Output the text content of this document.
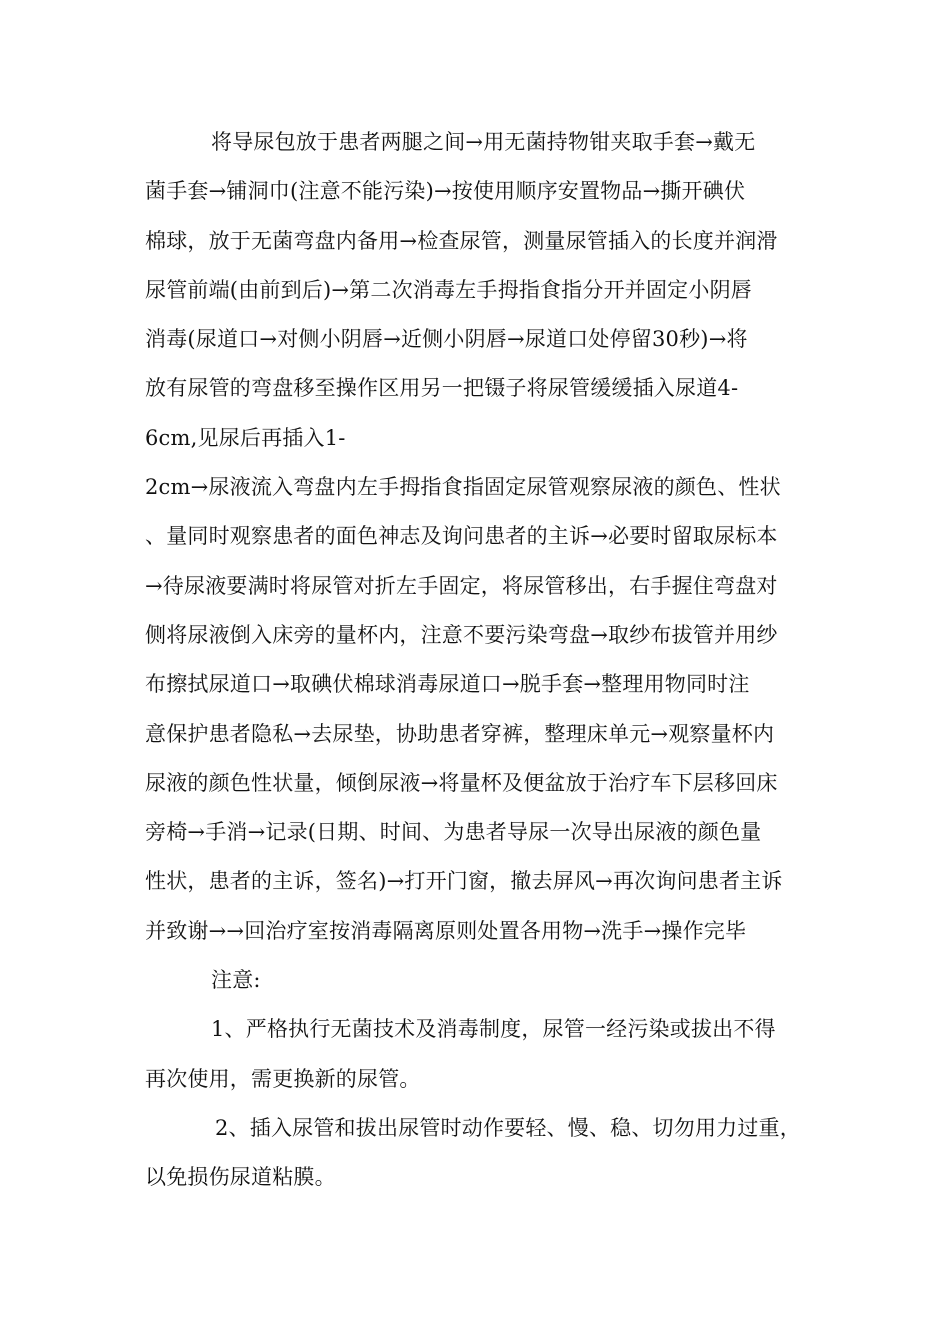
将导尿包放于患者两腿之间→用无菌持物钳夹取手套→戴无
菌手套→铺洞巾(注意不能污染)→按使用顺序安置物品→撕开碘伏
棉球，放于无菌弯盘内备用→检查尿管，测量尿管插入的长度并润滑
尿管前端(由前到后)→第二次消毒左手拇指食指分开并固定小阴唇
消毒(尿道口→对侧小阴唇→近侧小阴唇→尿道口处停留30秒)→将
放有尿管的弯盘移至操作区用另一把镊子将尿管缓缓插入尿道4-
6cm,见尿后再插入1-
2cm→尿液流入弯盘内左手拇指食指固定尿管观察尿液的颜色、性状
、量同时观察患者的面色神志及询问患者的主诉→必要时留取尿标本
→待尿液要满时将尿管对折左手固定，将尿管移出，右手握住弯盘对
侧将尿液倒入床旁的量杯内，注意不要污染弯盘→取纱布拔管并用纱
布擦拭尿道口→取碘伏棉球消毒尿道口→脱手套→整理用物同时注
意保护患者隐私→去尿垫，协助患者穿裤，整理床单元→观察量杯内
尿液的颜色性状量，倾倒尿液→将量杯及便盆放于治疗车下层移回床
旁椅→手消→记录(日期、时间、为患者导尿一次导出尿液的颜色量
性状，患者的主诉，签名)→打开门窗，撤去屏风→再次询问患者主诉
并致谢→→回治疗室按消毒隔离原则处置各用物→洗手→操作完毕
注意:
1、严格执行无菌技术及消毒制度，尿管一经污染或拔出不得
再次使用，需更换新的尿管。
2、插入尿管和拔出尿管时动作要轻、慢、稳、切勿用力过重，
以免损伤尿道粘膜。
